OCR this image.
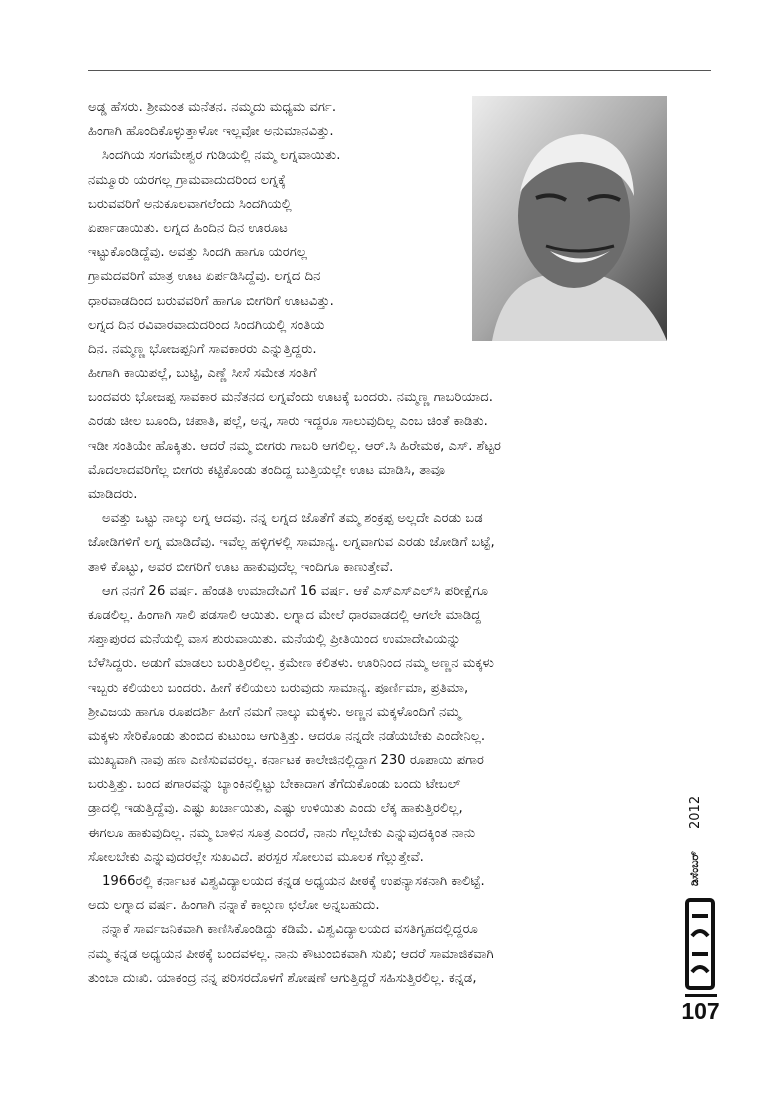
ಅಡ್ಡ ಹೆಸರು. ಶ್ರೀಮಂತ ಮನೆತನ. ನಮ್ಮದು ಮಧ್ಯಮ ವರ್ಗ.
ಹಿಂಗಾಗಿ ಹೊಂದಿಕೊಳ್ಳುತ್ತಾಳೋ ಇಲ್ಲವೋ ಅನುಮಾನವಿತ್ತು.
ಸಿಂದಗಿಯ ಸಂಗಮೇಶ್ವರ ಗುಡಿಯಲ್ಲಿ ನಮ್ಮ ಲಗ್ನವಾಯಿತು.
ನಮ್ಮೂರು ಯರಗಲ್ಲ ಗ್ರಾಮವಾದುದರಿಂದ ಲಗ್ನಕ್ಕೆ
ಬರುವವರಿಗೆ ಅನುಕೂಲವಾಗಲೆಂದು ಸಿಂದಗಿಯಲ್ಲಿ
ಏರ್ಪಾಡಾಯಿತು. ಲಗ್ನದ ಹಿಂದಿನ ದಿನ ಊರೂಟ
ಇಟ್ಟುಕೊಂಡಿದ್ದೆವು. ಅವತ್ತು ಸಿಂದಗಿ ಹಾಗೂ ಯರಗಲ್ಲ
ಗ್ರಾಮದವರಿಗೆ ಮಾತ್ರ ಊಟ ಏರ್ಪಡಿಸಿದ್ದೆವು. ಲಗ್ನದ ದಿನ
ಧಾರವಾಡದಿಂದ ಬರುವವರಿಗೆ ಹಾಗೂ ಬೀಗರಿಗೆ ಊಟವಿತ್ತು.
ಲಗ್ನದ ದಿನ ರವಿವಾರವಾದುದರಿಂದ ಸಿಂದಗಿಯಲ್ಲಿ ಸಂತಿಯ
ದಿನ. ನಮ್ಮಣ್ಣ ಭೋಜಪ್ಪನಿಗೆ ಸಾವಕಾರರು ಎನ್ನುತ್ತಿದ್ದರು.
ಹೀಗಾಗಿ ಕಾಯಿಪಲ್ಲೆ, ಬುಟ್ಟಿ, ಎಣ್ಣೆ ಸೀಸೆ ಸಮೇತ ಸಂತಿಗೆ
ಬಂದವರು ಭೋಜಪ್ಪ ಸಾವಕಾರ ಮನೆತನದ ಲಗ್ನವೆಂದು ಊಟಕ್ಕೆ ಬಂದರು. ನಮ್ಮಣ್ಣ ಗಾಬರಿಯಾದ.
ಎರಡು ಚೀಲ ಬೂಂದಿ, ಚಪಾತಿ, ಪಲ್ಲೆ, ಅನ್ನ, ಸಾರು ಇದ್ದರೂ ಸಾಲುವುದಿಲ್ಲ ಎಂಬ ಚಿಂತೆ ಕಾಡಿತು.
ಇಡೀ ಸಂತಿಯೇ ಹೊಕ್ಕಿತು. ಆದರೆ ನಮ್ಮ ಬೀಗರು ಗಾಬರಿ ಆಗಲಿಲ್ಲ. ಆರ್.ಸಿ ಹಿರೇಮಠ, ಎಸ್. ಶೆಟ್ಟರ
ಮೊದಲಾದವರಿಗೆಲ್ಲ ಬೀಗರು ಕಟ್ಟಿಕೊಂಡು ತಂದಿದ್ದ ಬುತ್ತಿಯಲ್ಲೇ ಊಟ ಮಾಡಿಸಿ, ತಾವೂ
ಮಾಡಿದರು.
ಅವತ್ತು ಒಟ್ಟು ನಾಲ್ಕು ಲಗ್ನ ಆದವು. ನನ್ನ ಲಗ್ನದ ಜೊತೆಗೆ ತಮ್ಮ ಶಂಕ್ರಪ್ಪ ಅಲ್ಲದೇ ಎರಡು ಬಡ
ಜೋಡಿಗಳಿಗೆ ಲಗ್ನ ಮಾಡಿದೆವು. ಇವೆಲ್ಲ ಹಳ್ಳಿಗಳಲ್ಲಿ ಸಾಮಾನ್ಯ. ಲಗ್ನವಾಗುವ ಎರಡು ಜೋಡಿಗೆ ಬಟ್ಟೆ,
ತಾಳಿ ಕೊಟ್ಟು, ಅವರ ಬೀಗರಿಗೆ ಊಟ ಹಾಕುವುದೆಲ್ಲ ಇಂದಿಗೂ ಕಾಣುತ್ತೇವೆ.
ಆಗ ನನಗೆ 26 ವರ್ಷ. ಹೆಂಡತಿ ಉಮಾದೇವಿಗೆ 16 ವರ್ಷ. ಆಕೆ ಎಸ್‌ಎಸ್‌ಎಲ್‌ಸಿ ಪರೀಕ್ಷೆಗೂ
ಕೂಡಲಿಲ್ಲ. ಹಿಂಗಾಗಿ ಸಾಲಿ ಪಡಸಾಲಿ ಆಯಿತು. ಲಗ್ನಾದ ಮೇಲೆ ಧಾರವಾಡದಲ್ಲಿ ಆಗಲೇ ಮಾಡಿದ್ದ
ಸಪ್ತಾಪುರದ ಮನೆಯಲ್ಲಿ ವಾಸ ಶುರುವಾಯಿತು. ಮನೆಯಲ್ಲಿ ಪ್ರೀತಿಯಿಂದ ಉಮಾದೇವಿಯನ್ನು
ಬೆಳೆಸಿದ್ದರು. ಅಡುಗೆ ಮಾಡಲು ಬರುತ್ತಿರಲಿಲ್ಲ. ಕ್ರಮೇಣ ಕಲಿತಳು. ಊರಿನಿಂದ ನಮ್ಮ ಅಣ್ಣನ ಮಕ್ಕಳು
ಇಬ್ಬರು ಕಲಿಯಲು ಬಂದರು. ಹೀಗೆ ಕಲಿಯಲು ಬರುವುದು ಸಾಮಾನ್ಯ. ಪೂರ್ಣಿಮಾ, ಪ್ರತಿಮಾ,
ಶ್ರೀವಿಜಯ ಹಾಗೂ ರೂಪದರ್ಶಿ ಹೀಗೆ ನಮಗೆ ನಾಲ್ಕು ಮಕ್ಕಳು. ಅಣ್ಣನ ಮಕ್ಕಳೊಂದಿಗೆ ನಮ್ಮ
ಮಕ್ಕಳು ಸೇರಿಕೊಂಡು ತುಂಬಿದ ಕುಟುಂಬ ಆಗುತ್ತಿತ್ತು. ಆದರೂ ನನ್ನದೇ ನಡೆಯಬೇಕು ಎಂದೇನಿಲ್ಲ.
ಮುಖ್ಯವಾಗಿ ನಾವು ಹಣ ಎಣಿಸುವವರಲ್ಲ. ಕರ್ನಾಟಕ ಕಾಲೇಜಿನಲ್ಲಿದ್ದಾಗ 230 ರೂಪಾಯಿ ಪಗಾರ
ಬರುತ್ತಿತ್ತು. ಬಂದ ಪಗಾರವನ್ನು ಬ್ಯಾಂಕಿನಲ್ಲಿಟ್ಟು ಬೇಕಾದಾಗ ತೆಗೆದುಕೊಂಡು ಬಂದು ಟೇಬಲ್
ಡ್ರಾದಲ್ಲಿ ಇಡುತ್ತಿದ್ದೆವು. ಎಷ್ಟು ಖರ್ಚಾಯಿತು, ಎಷ್ಟು ಉಳಿಯಿತು ಎಂದು ಲೆಕ್ಕ ಹಾಕುತ್ತಿರಲಿಲ್ಲ,
ಈಗಲೂ ಹಾಕುವುದಿಲ್ಲ. ನಮ್ಮ ಬಾಳಿನ ಸೂತ್ರ ಎಂದರೆ, ನಾನು ಗೆಲ್ಲಬೇಕು ಎನ್ನುವುದಕ್ಕಿಂತ ನಾನು
ಸೋಲಬೇಕು ಎನ್ನುವುದರಲ್ಲೇ ಸುಖವಿದೆ. ಪರಸ್ಪರ ಸೋಲುವ ಮೂಲಕ ಗೆಲ್ಲುತ್ತೇವೆ.
1966ರಲ್ಲಿ ಕರ್ನಾಟಕ ವಿಶ್ವವಿದ್ಯಾಲಯದ ಕನ್ನಡ ಅಧ್ಯಯನ ಪೀಠಕ್ಕೆ ಉಪನ್ಯಾಸಕನಾಗಿ ಕಾಲಿಟ್ಟೆ.
ಅದು ಲಗ್ನಾದ ವರ್ಷ. ಹಿಂಗಾಗಿ ನನ್ನಾಕೆ ಕಾಲ್ಗುಣ ಛಲೋ ಅನ್ನಬಹುದು.
ನನ್ನಾಕೆ ಸಾರ್ವಜನಿಕವಾಗಿ ಕಾಣಿಸಿಕೊಂಡಿದ್ದು ಕಡಿಮೆ. ವಿಶ್ವವಿದ್ಯಾಲಯದ ವಸತಿಗೃಹದಲ್ಲಿದ್ದರೂ
ನಮ್ಮ ಕನ್ನಡ ಅಧ್ಯಯನ ಪೀಠಕ್ಕೆ ಬಂದವಳಲ್ಲ. ನಾನು ಕೌಟುಂಬಿಕವಾಗಿ ಸುಖಿ; ಆದರೆ ಸಾಮಾಜಿಕವಾಗಿ
ತುಂಬಾ ದುಃಖಿ. ಯಾಕಂದ್ರ ನನ್ನ ಪರಿಸರದೊಳಗೆ ಶೋಷಣೆ ಆಗುತ್ತಿದ್ದರೆ ಸಹಿಸುತ್ತಿರಲಿಲ್ಲ. ಕನ್ನಡ,
2012
ಡಿಸೆಂಬರ್
107
